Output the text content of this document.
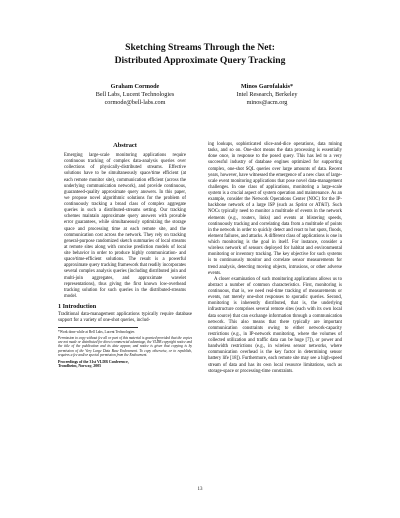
Sketching Streams Through the Net:
Distributed Approximate Query Tracking
Graham Cormode
Bell Labs, Lucent Technologies
cormode@bell-labs.com
Minos Garofalakis*
Intel Research, Berkeley
minos@acm.org
Abstract

Emerging large-scale monitoring applications require continuous tracking of complex data-analysis queries over collections of physically-distributed streams. Effective solutions have to be simultaneously space/time efficient (at each remote monitor site), communication efficient (across the underlying communication network), and provide continuous, guaranteed-quality approximate query answers. In this paper, we propose novel algorithmic solutions for the problem of continuously tracking a broad class of complex aggregate queries in such a distributed-streams setting. Our tracking schemes maintain approximate query answers with provable error guarantees, while simultaneously optimizing the storage space and processing time at each remote site, and the communication cost across the network. They rely on tracking general-purpose randomized sketch summaries of local streams at remote sites along with concise prediction models of local site behavior in order to produce highly communication- and space/time-efficient solutions. The result is a powerful approximate query tracking framework that readily incorporates several complex analysis queries (including distributed join and multi-join aggregates, and approximate wavelet representations), thus giving the first known low-overhead tracking solution for such queries in the distributed-streams model.

1 Introduction

Traditional data-management applications typically require database support for a variety of one-shot queries, includ-

*Work done while at Bell Labs, Lucent Technologies

Permission to copy without fee all or part of this material is granted provided that the copies are not made or distributed for direct commercial advantage, the VLDB copyright notice and the title of the publication and its date appear, and notice is given that copying is by permission of the Very Large Data Base Endowment. To copy otherwise, or to republish, requires a fee and/or special permission from the Endowment.

Proceedings of the 31st VLDB Conference,
Trondheim, Norway, 2005

ing lookups, sophisticated slice-and-dice operations, data mining tasks, and so on. One-shot means the data processing is essentially done once, in response to the posed query. This has led to a very successful industry of database engines optimized for supporting complex, one-shot SQL queries over large amounts of data. Recent years, however, have witnessed the emergence of a new class of large-scale event monitoring applications that pose novel data-management challenges. In one class of applications, monitoring a large-scale system is a crucial aspect of system operation and maintenance. As an example, consider the Network Operations Center (NOC) for the IP-backbone network of a large ISP (such as Sprint or AT&T). Such NOCs typically need to monitor a multitude of events in the network elements (e.g., routers, links) and events at blistering speeds, continuously tracking and correlating data from a multitude of points in the network in order to quickly detect and react to hot spots, floods, element failures, and attacks. A different class of applications is one in which monitoring is the goal in itself. For instance, consider a wireless network of sensors deployed for habitat and environmental monitoring or inventory tracking. The key objective for such systems is to continuously monitor and correlate sensor measurements for trend analysis, detecting moving objects, intrusions, or other adverse events.

A closer examination of such monitoring applications allows us to abstract a number of common characteristics. First, monitoring is continuous, that is, we need real-time tracking of measurements or events, not merely one-shot responses to sporadic queries. Second, monitoring is inherently distributed, that is, the underlying infrastructure comprises several remote sites (each with its own local data source) that can exchange information through a communication network. This also means that there typically are important communication constraints owing to either network-capacity restrictions (e.g., in IP-network monitoring, where the volumes of collected utilization and traffic data can be huge [7]), or power and bandwidth restrictions (e.g., in wireless sensor networks, where communication overhead is the key factor in determining sensor battery life [18]). Furthermore, each remote site may see a high-speed stream of data and has its own local resource limitations, such as storage-space or processing-time constraints.

13
